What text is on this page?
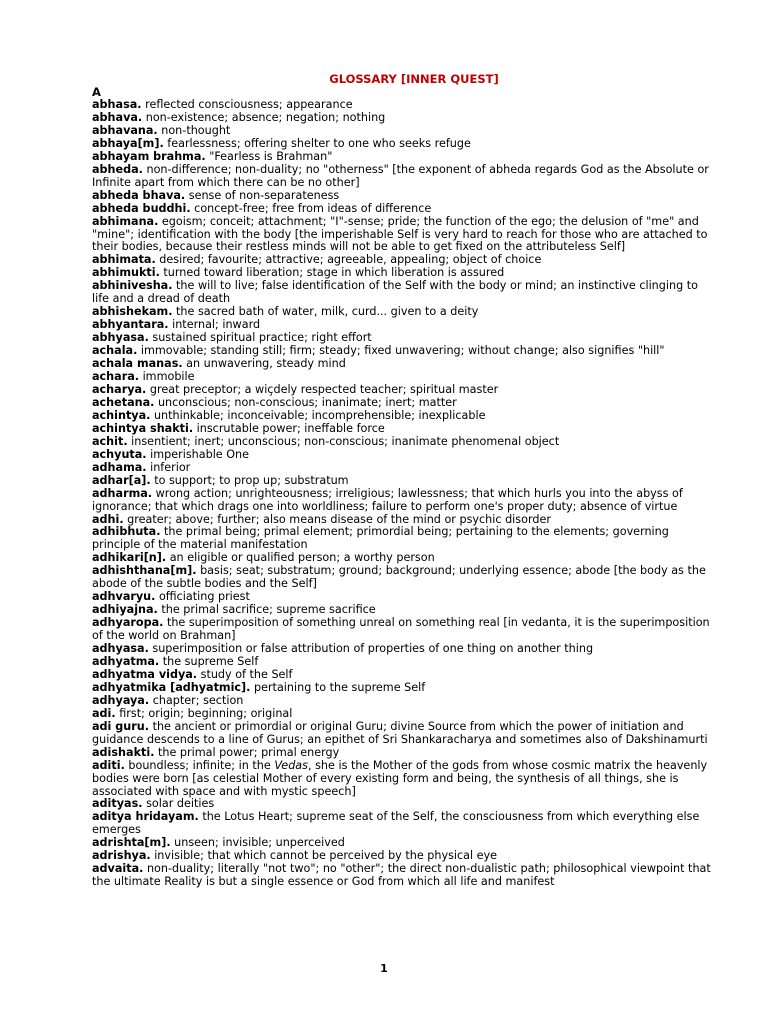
GLOSSARY [INNER QUEST]
A

abhasa. reflected consciousness; appearance

abhava. non-existence; absence; negation; nothing

abhavana. non-thought

abhaya[m]. fearlessness; offering shelter to one who seeks refuge

abhayam brahma. "Fearless is Brahman"

abheda. non-difference; non-duality; no "otherness" [the exponent of abheda regards God as the Absolute or Infinite apart from which there can be no other]

abheda bhava. sense of non-separateness

abheda buddhi. concept-free; free from ideas of difference

abhimana. egoism; conceit; attachment; "I"-sense; pride; the function of the ego; the delusion of "me" and "mine"; identification with the body [the imperishable Self is very hard to reach for those who are attached to their bodies, because their restless minds will not be able to get fixed on the attributeless Self]

abhimata. desired; favourite; attractive; agreeable, appealing; object of choice

abhimukti. turned toward liberation; stage in which liberation is assured

abhinivesha. the will to live; false identification of the Self with the body or mind; an instinctive clinging to life and a dread of death

abhishekam. the sacred bath of water, milk, curd... given to a deity

abhyantara. internal; inward

abhyasa. sustained spiritual practice; right effort

achala. immovable; standing still; firm; steady; fixed unwavering; without change; also signifies "hill"

achala manas. an unwavering, steady mind

achara. immobile

acharya. great preceptor; a wiçdely respected teacher; spiritual master

achetana. unconscious; non-conscious; inanimate; inert; matter

achintya. unthinkable; inconceivable; incomprehensible; inexplicable

achintya shakti. inscrutable power; ineffable force

achit. insentient; inert; unconscious; non-conscious; inanimate phenomenal object

achyuta. imperishable One

adhama. inferior

adhar[a]. to support; to prop up; substratum

adharma. wrong action; unrighteousness; irreligious; lawlessness; that which hurls you into the abyss of ignorance; that which drags one into worldliness; failure to perform one's proper duty; absence of virtue

adhi. greater; above; further; also means disease of the mind or psychic disorder

adhibhuta. the primal being; primal element; primordial being; pertaining to the elements; governing principle of the material manifestation

adhikari[n]. an eligible or qualified person; a worthy person

adhishthana[m]. basis; seat; substratum; ground; background; underlying essence; abode [the body as the abode of the subtle bodies and the Self]

adhvaryu. officiating priest

adhiyajna. the primal sacrifice; supreme sacrifice

adhyaropa. the superimposition of something unreal on something real [in vedanta, it is the superimposition of the world on Brahman]

adhyasa. superimposition or false attribution of properties of one thing on another thing

adhyatma. the supreme Self

adhyatma vidya. study of the Self

adhyatmika [adhyatmic]. pertaining to the supreme Self

adhyaya. chapter; section

adi. first; origin; beginning; original

adi guru. the ancient or primordial or original Guru; divine Source from which the power of initiation and guidance descends to a line of Gurus; an epithet of Sri Shankaracharya and sometimes also of Dakshinamurti

adishakti. the primal power; primal energy

aditi. boundless; infinite; in the Vedas, she is the Mother of the gods from whose cosmic matrix the heavenly bodies were born [as celestial Mother of every existing form and being, the synthesis of all things, she is associated with space and with mystic speech]

adityas. solar deities

aditya hridayam. the Lotus Heart; supreme seat of the Self, the consciousness from which everything else emerges

adrishta[m]. unseen; invisible; unperceived

adrishya. invisible; that which cannot be perceived by the physical eye

advaita. non-duality; literally "not two"; no "other"; the direct non-dualistic path; philosophical viewpoint that the ultimate Reality is but a single essence or God from which all life and manifest

1
